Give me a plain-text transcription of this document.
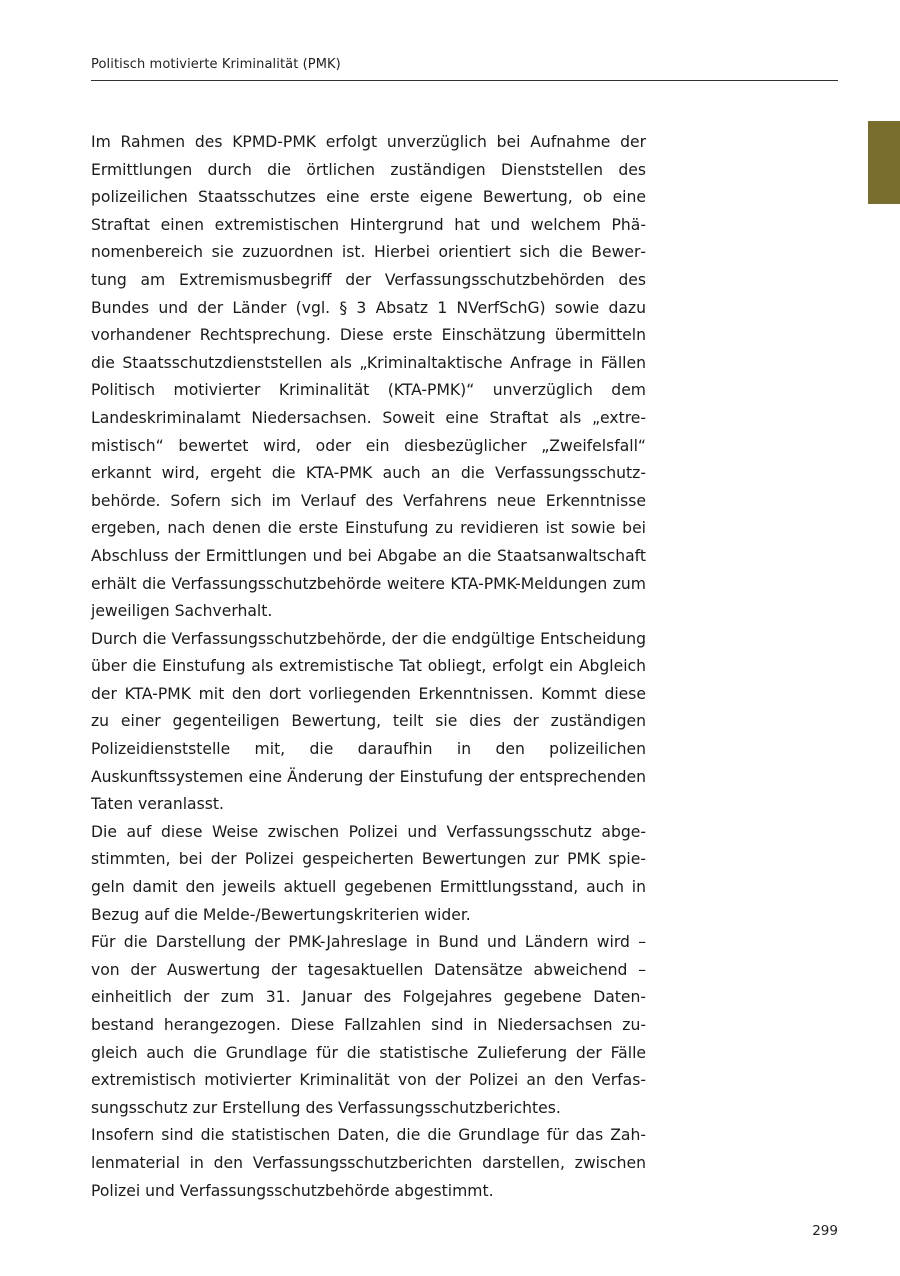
Politisch motivierte Kriminalität (PMK)

Im Rahmen des KPMD-PMK erfolgt unverzüglich bei Aufnahme der Ermittlungen durch die örtlichen zuständigen Dienststellen des polizeilichen Staatsschutzes eine erste eigene Bewertung, ob eine Straftat einen extremistischen Hintergrund hat und welchem Phänomenbereich sie zuzuordnen ist. Hierbei orientiert sich die Bewertung am Extremismusbegriff der Verfassungsschutzbehörden des Bundes und der Länder (vgl. § 3 Absatz 1 NVerfSchG) sowie dazu vorhandener Rechtsprechung. Diese erste Einschätzung übermitteln die Staatsschutzdienststellen als „Kriminaltaktische Anfrage in Fällen Politisch motivierter Kriminalität (KTA-PMK)“ unverzüglich dem Landeskriminalamt Niedersachsen. Soweit eine Straftat als „extremistisch“ bewertet wird, oder ein diesbezüglicher „Zweifelsfall“ erkannt wird, ergeht die KTA-PMK auch an die Verfassungsschutzbehörde. Sofern sich im Verlauf des Verfahrens neue Erkenntnisse ergeben, nach denen die erste Einstufung zu revidieren ist sowie bei Abschluss der Ermittlungen und bei Abgabe an die Staatsanwaltschaft erhält die Verfassungsschutzbehörde weitere KTA-PMK-Meldungen zum jeweiligen Sachverhalt.

Durch die Verfassungsschutzbehörde, der die endgültige Entscheidung über die Einstufung als extremistische Tat obliegt, erfolgt ein Abgleich der KTA-PMK mit den dort vorliegenden Erkenntnissen. Kommt diese zu einer gegenteiligen Bewertung, teilt sie dies der zuständigen Polizeidienststelle mit, die daraufhin in den polizeilichen Auskunftssystemen eine Änderung der Einstufung der entsprechenden Taten veranlasst.

Die auf diese Weise zwischen Polizei und Verfassungsschutz abgestimmten, bei der Polizei gespeicherten Bewertungen zur PMK spiegeln damit den jeweils aktuell gegebenen Ermittlungsstand, auch in Bezug auf die Melde-/Bewertungskriterien wider.

Für die Darstellung der PMK-Jahreslage in Bund und Ländern wird – von der Auswertung der tagesaktuellen Datensätze abweichend – einheitlich der zum 31. Januar des Folgejahres gegebene Datenbestand herangezogen. Diese Fallzahlen sind in Niedersachsen zugleich auch die Grundlage für die statistische Zulieferung der Fälle extremistisch motivierter Kriminalität von der Polizei an den Verfassungsschutz zur Erstellung des Verfassungsschutzberichtes.

Insofern sind die statistischen Daten, die die Grundlage für das Zahlenmaterial in den Verfassungsschutzberichten darstellen, zwischen Polizei und Verfassungsschutzbehörde abgestimmt.

299
